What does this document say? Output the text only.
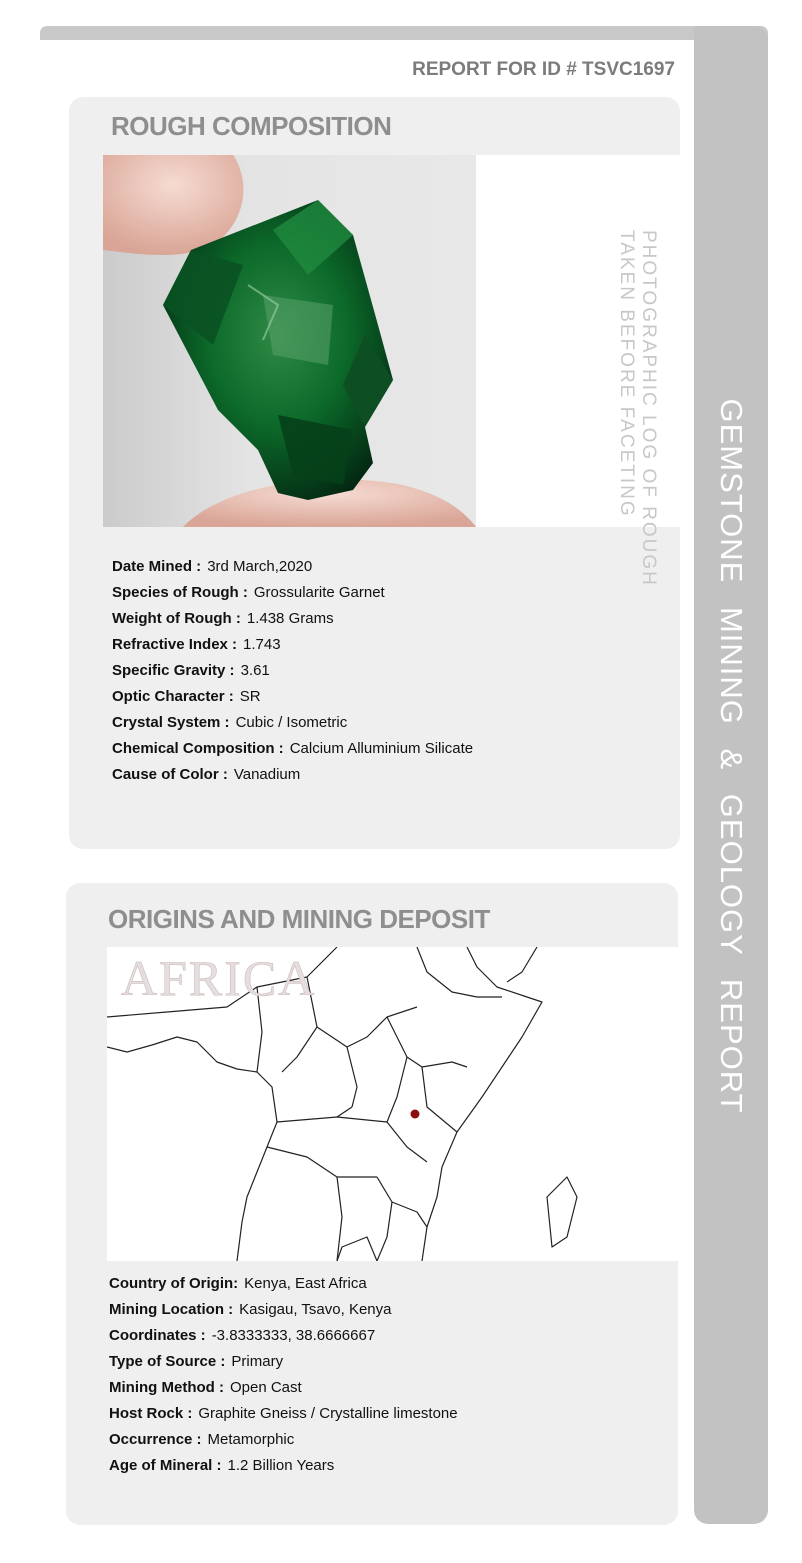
GEMSTONE MINING & GEOLOGY REPORT
REPORT FOR ID # TSVC1697
ROUGH COMPOSITION
PHOTOGRAPHIC LOG OF ROUGH
TAKEN BEFORE FACETING
Date Mined : 3rd March,2020
Species of Rough : Grossularite Garnet
Weight of Rough : 1.438 Grams
Refractive Index : 1.743
Specific Gravity : 3.61
Optic Character : SR
Crystal System : Cubic / Isometric
Chemical Composition : Calcium Alluminium Silicate
Cause of Color : Vanadium
ORIGINS AND MINING DEPOSIT
AFRICA
Country of Origin: Kenya, East Africa
Mining Location : Kasigau, Tsavo, Kenya
Coordinates : -3.8333333, 38.6666667
Type of Source : Primary
Mining Method : Open Cast
Host Rock : Graphite Gneiss / Crystalline limestone
Occurrence : Metamorphic
Age of Mineral : 1.2 Billion Years
